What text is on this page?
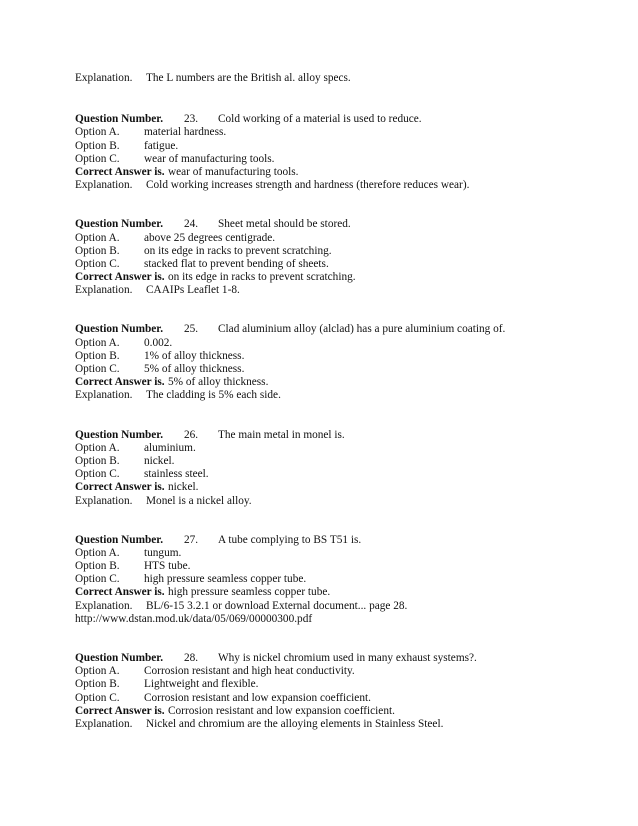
Explanation.	The L numbers are the British al. alloy specs.
Question Number.	23.	Cold working of a material is used to reduce.
Option A.	material hardness.
Option B.	fatigue.
Option C.	wear of manufacturing tools.
Correct Answer is. wear of manufacturing tools.
Explanation.	Cold working increases strength and hardness (therefore reduces wear).
Question Number.	24.	Sheet metal should be stored.
Option A.	above 25 degrees centigrade.
Option B.	on its edge in racks to prevent scratching.
Option C.	stacked flat to prevent bending of sheets.
Correct Answer is. on its edge in racks to prevent scratching.
Explanation.	CAAIPs Leaflet 1-8.
Question Number.	25.	Clad aluminium alloy (alclad) has a pure aluminium coating of.
Option A.	0.002.
Option B.	1% of alloy thickness.
Option C.	5% of alloy thickness.
Correct Answer is. 5% of alloy thickness.
Explanation.	The cladding is 5% each side.
Question Number.	26.	The main metal in monel is.
Option A.	aluminium.
Option B.	nickel.
Option C.	stainless steel.
Correct Answer is. nickel.
Explanation.	Monel is a nickel alloy.
Question Number.	27.	A tube complying to BS T51 is.
Option A.	tungum.
Option B.	HTS tube.
Option C.	high pressure seamless copper tube.
Correct Answer is. high pressure seamless copper tube.
Explanation.	BL/6-15 3.2.1 or download External document... page 28.
http://www.dstan.mod.uk/data/05/069/00000300.pdf
Question Number.	28.	Why is nickel chromium used in many exhaust systems?.
Option A.	Corrosion resistant and high heat conductivity.
Option B.	Lightweight and flexible.
Option C.	Corrosion resistant and low expansion coefficient.
Correct Answer is. Corrosion resistant and low expansion coefficient.
Explanation.	Nickel and chromium are the alloying elements in Stainless Steel.
